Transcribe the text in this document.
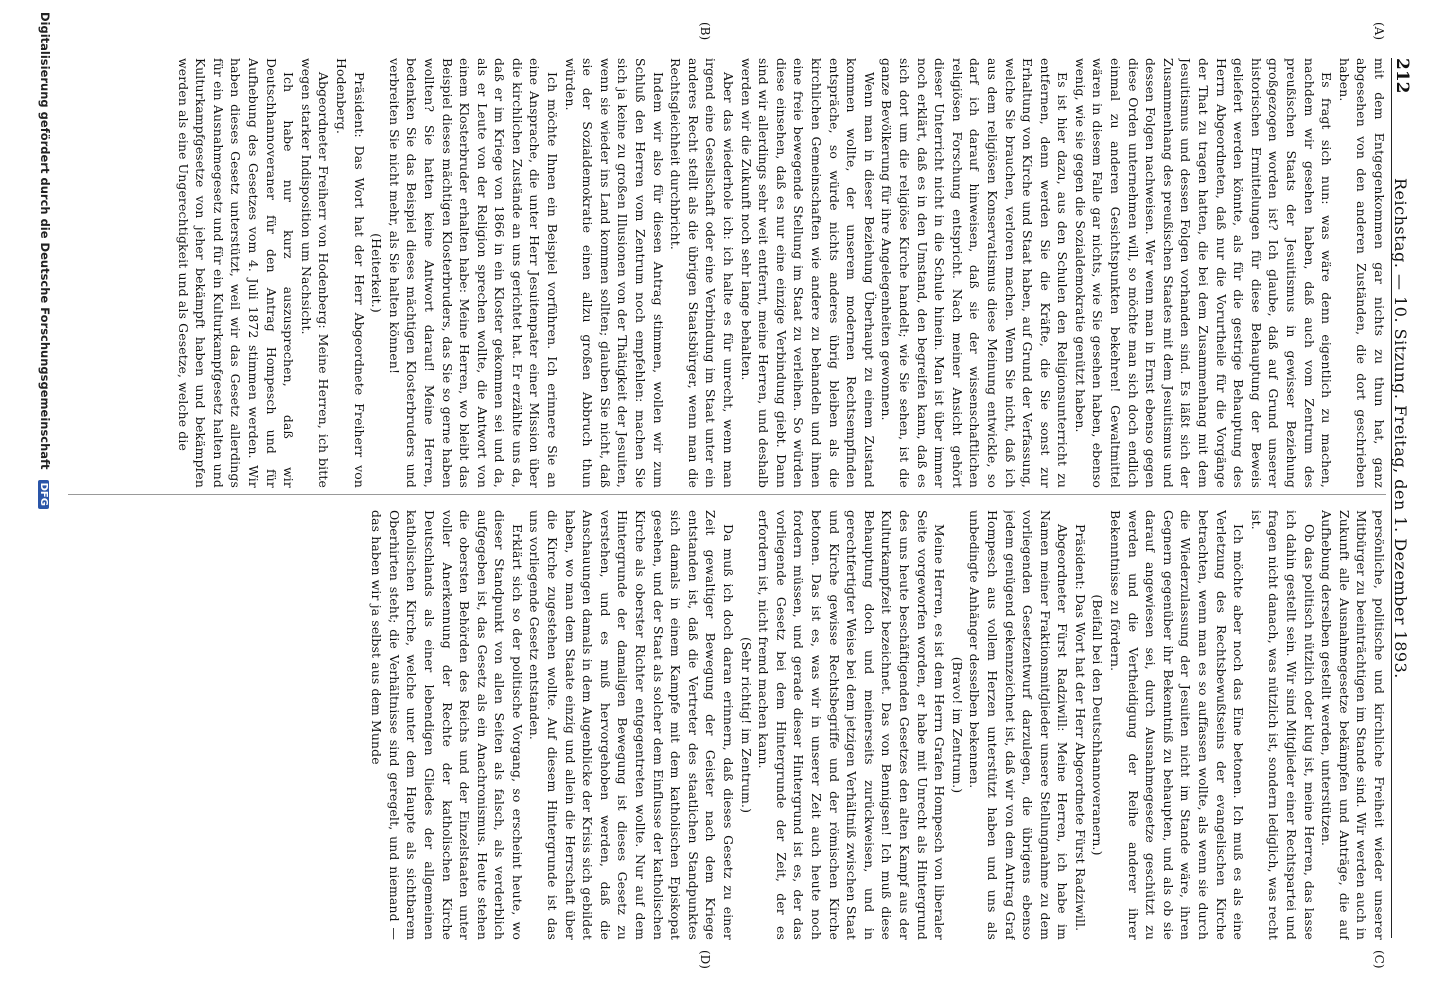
212
Reichstag. — 10. Sitzung. Freitag, den 1. Dezember 1893.
(A)
(B)
(C)
(D)

mit dem Entgegenkommen gar nichts zu thun hat, ganz abgesehen von den anderen Zuständen, die dort geschrieben haben.

Es fragt sich nun: was wäre denn eigentlich zu machen, nachdem wir gesehen haben, daß auch vom Zentrum des preußischen Staats der Jesuitismus in gewisser Beziehung großgezogen worden ist? Ich glaube, daß auf Grund unserer historischen Ermittelungen für diese Behauptung der Beweis geliefert werden könnte, als für die gestrige Behauptung des Herrn Abgeordneten, daß nur die Vorurtheile für die Vorgänge der That zu tragen hatten, die bei dem Zusammenhang mit dem Jesuitismus und dessen Folgen vorhanden sind. Es läßt sich der Zusammenhang des preußischen Staates mit dem Jesuitismus und dessen Folgen nachweisen. Wer wenn man in Ernst ebenso gegen diese Orden unternehmen will, so möchte man sich doch endlich einmal zu anderen Gesichtspunkten bekehren! Gewaltmittel wären in diesem Falle gar nichts, wie Sie gesehen haben, ebenso wenig, wie sie gegen die Sozialdemokratie genützt haben.

Es ist hier dazu, aus den Schulen den Religionsunterricht zu entfernen, denn werden Sie die Kräfte, die Sie sonst zur Erhaltung von Kirche und Staat haben, auf Grund der Verfassung, welche Sie brauchen, verloren machen. Wenn Sie nicht, daß ich aus dem religiösen Konservatismus diese Meinung entwickle, so darf ich darauf hinweisen, daß sie der wissenschaftlichen religiösen Forschung entspricht. Nach meiner Ansicht gehört dieser Unterricht nicht in die Schule hinein. Man ist über immer noch erklärt, daß es in den Umstand, den begreifen kann, daß es sich dort um die religiöse Kirche handelt; wie Sie sehen, ist die ganze Bevölkerung für ihre Angelegenheiten gewonnen.

Wenn man in dieser Beziehung Überhaupt zu einem Zustand kommen wollte, der unserem modernen Rechtsempfinden entspräche, so würde nichts anderes übrig bleiben als die kirchlichen Gemeinschaften wie andere zu behandeln und ihnen eine freie bewegende Stellung im Staat zu verleihen. So würden diese einsehen, daß es nur eine einzige Verbindung giebt. Dann sind wir allerdings sehr weit entfernt, meine Herren, und deshalb werden wir die Zukunft noch sehr lange behalten.

Aber das wiederhole ich: ich halte es für unrecht, wenn man irgend eine Gesellschaft oder eine Verbindung im Staat unter ein anderes Recht stellt als die übrigen Staatsbürger, wenn man die Rechtsgleichheit durchbricht.

Indem wir also für diesen Antrag stimmen, wollen wir zum Schluß den Herren vom Zentrum noch empfehlen: machen Sie sich ja keine zu großen Illusionen von der Thätigkeit der Jesuiten, wenn sie wieder ins Land kommen sollten; glauben Sie nicht, daß sie der Sozialdemokratie einen allzu großen Abbruch thun würden.

Ich möchte Ihnen ein Beispiel vorführen. Ich erinnere Sie an eine Ansprache, die unter Herr Jesuitenpater einer Mission über die kirchlichen Zustände an uns gerichtet hat. Er erzählte uns da, daß er im Kriege von 1866 in ein Kloster gekommen sei und da, als er Leute von der Religion sprechen wollte, die Antwort von einem Klosterbruder erhalten habe: Meine Herren, wo bleibt das Beispiel dieses mächtigen Klosterbruders, das Sie so gerne haben wollten? Sie hatten keine Antwort darauf! Meine Herren, bedenken Sie das Beispiel dieses mächtigen Klosterbruders und verbreiten Sie nicht mehr, als Sie halten können!

(Heiterkeit.)

Präsident: Das Wort hat der Herr Abgeordnete Freiherr von Hodenberg.

Abgeordneter Freiherr von Hodenberg: Meine Herren, ich bitte wegen starker Indisposition um Nachsicht.

Ich habe nur kurz auszusprechen, daß wir Deutschhannoveraner für den Antrag Hompesch und für Aufhebung des Gesetzes vom 4. Juli 1872 stimmen werden. Wir haben dieses Gesetz unterstützt, weil wir das Gesetz allerdings für ein Ausnahmegesetz und für ein Kulturkampfgesetz halten und Kulturkampfgesetze von jeher bekämpft haben und bekämpfen werden als eine Ungerechtigkeit und als Gesetze, welche die

persönliche, politische und kirchliche Freiheit wieder unserer Mitbürger zu beeinträchtigen im Stande sind. Wir werden auch in Zukunft alle Ausnahmegesetze bekämpfen und Anträge, die auf Aufhebung derselben gestellt werden, unterstützen.

Ob das politisch nützlich oder klug ist, meine Herren, das lasse ich dahin gestellt sein. Wir sind Mitglieder einer Rechtspartei und fragen nicht danach, was nützlich ist, sondern lediglich, was recht ist.

Ich möchte aber noch das Eine betonen. Ich muß es als eine Verletzung des Rechtsbewußtseins der evangelischen Kirche betrachten, wenn man es so auffassen wollte, als wenn sie durch die Wiederzulassung der Jesuiten nicht im Stande wäre, ihren Gegnern gegenüber ihr Bekenntniß zu behaupten, und als ob sie darauf angewiesen sei, durch Ausnahmegesetze geschützt zu werden und die Vertheidigung der Reihe anderer ihrer Bekenntnisse zu fördern.

(Beifall bei den Deutschhannoveranern.)

Präsident: Das Wort hat der Herr Abgeordnete Fürst Radziwill.

Abgeordneter Fürst Radziwill: Meine Herren, ich habe im Namen meiner Fraktionsmitglieder unsere Stellungnahme zu dem vorliegenden Gesetzentwurf darzulegen, die übrigens ebenso jedem genügend gekennzeichnet ist, daß wir von dem Antrag Graf Hompesch aus vollem Herzen unterstützt haben und uns als unbedingte Anhänger desselben bekennen.

(Bravo! im Zentrum.)

Meine Herren, es ist dem Herrn Grafen Hompesch von liberaler Seite vorgeworfen worden, er habe mit Unrecht als Hintergrund des uns heute beschäftigenden Gesetzes den alten Kampf aus der Kulturkampfzeit bezeichnet. Das von Bennigsen! Ich muß diese Behauptung doch und meinerseits zurückweisen, und in gerechtfertigter Weise bei dem jetzigen Verhältniß zwischen Staat und Kirche gewisse Rechtsbegriffe und der römischen Kirche betonen. Das ist es, was wir in unserer Zeit auch heute noch fordern müssen, und gerade dieser Hintergrund ist es, der das vorliegende Gesetz bei dem Hintergrunde der Zeit, der es erfordern ist, nicht fremd machen kann.

(Sehr richtig! im Zentrum.)

Da muß ich doch daran erinnern, daß dieses Gesetz zu einer Zeit gewaltiger Bewegung der Geister nach dem Kriege entstanden ist, daß die Vertreter des staatlichen Standpunktes sich damals in einem Kampfe mit dem katholischen Episkopat gesehen, und der Staat als solcher dem Einflusse der katholischen Kirche als oberster Richter entgegentreten wollte. Nur auf dem Hintergrunde der damaligen Bewegung ist dieses Gesetz zu verstehen, und es muß hervorgehoben werden, daß die Anschauungen damals in dem Augenblicke der Krisis sich gebildet haben, wo man dem Staate einzig und allein die Herrschaft über die Kirche zugestehen wollte. Auf diesem Hintergrunde ist das uns vorliegende Gesetz entstanden.

Erklärt sich so der politische Vorgang, so erscheint heute, wo dieser Standpunkt von allen Seiten als falsch, als verderblich aufgegeben ist, das Gesetz als ein Anachronismus. Heute stehen die obersten Behörden des Reichs und der Einzelstaaten unter voller Anerkennung der Rechte der katholischen Kirche Deutschlands als einer lebendigen Gliedes der allgemeinen katholischen Kirche, welche unter dem Haupte als sichtbarem Oberhirten steht; die Verhältnisse sind geregelt, und niemand — das haben wir ja selbst aus dem Munde

Digitalisierung gefördert durch die Deutsche Forschungsgemeinschaft DFG
